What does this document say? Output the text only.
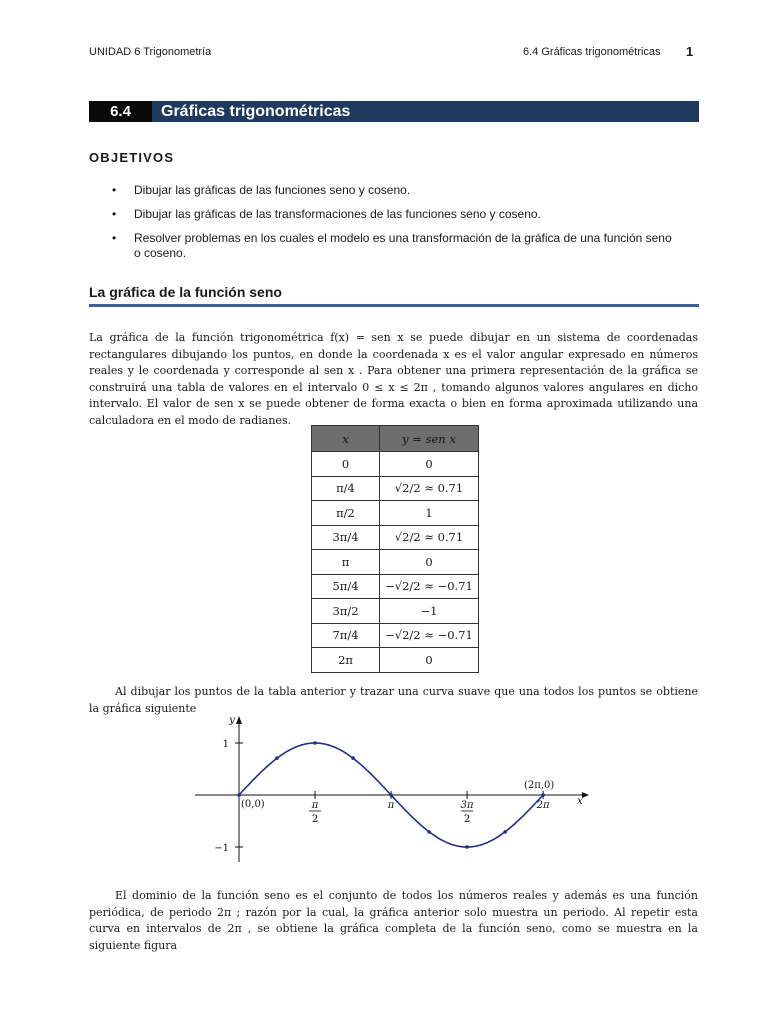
UNIDAD 6 Trigonometría	6.4 Gráficas trigonométricas 1
6.4	Gráficas trigonométricas
OBJETIVOS
• Dibujar las gráficas de las funciones seno y coseno.
• Dibujar las gráficas de las transformaciones de las funciones seno y coseno.
• Resolver problemas en los cuales el modelo es una transformación de la gráfica de una función seno o coseno.
La gráfica de la función seno

La gráfica de la función trigonométrica f(x) = sen x se puede dibujar en un sistema de coordenadas rectangulares dibujando los puntos, en donde la coordenada x es el valor angular expresado en números reales y le coordenada y corresponde al sen x . Para obtener una primera representación de la gráfica se construirá una tabla de valores en el intervalo 0 ≤ x ≤ 2π , tomando algunos valores angulares en dicho intervalo. El valor de sen x se puede obtener de forma exacta o bien en forma aproximada utilizando una calculadora en el modo de radianes.

x	y = sen x
0	0
π/4	√2/2 ≈ 0.71
π/2	1
3π/4	√2/2 ≈ 0.71
π	0
5π/4	−√2/2 ≈ −0.71
3π/2	−1
7π/4	−√2/2 ≈ −0.71
2π	0

Al dibujar los puntos de la tabla anterior y trazar una curva suave que una todos los puntos se obtiene la gráfica siguiente

y
x
1
−1
π
2
π	3π
2
2π
(0,0)
(2π,0)

El dominio de la función seno es el conjunto de todos los números reales y además es una función periódica, de periodo 2π ; razón por la cual, la gráfica anterior solo muestra un periodo. Al repetir esta curva en intervalos de 2π , se obtiene la gráfica completa de la función seno, como se muestra en la siguiente figura
